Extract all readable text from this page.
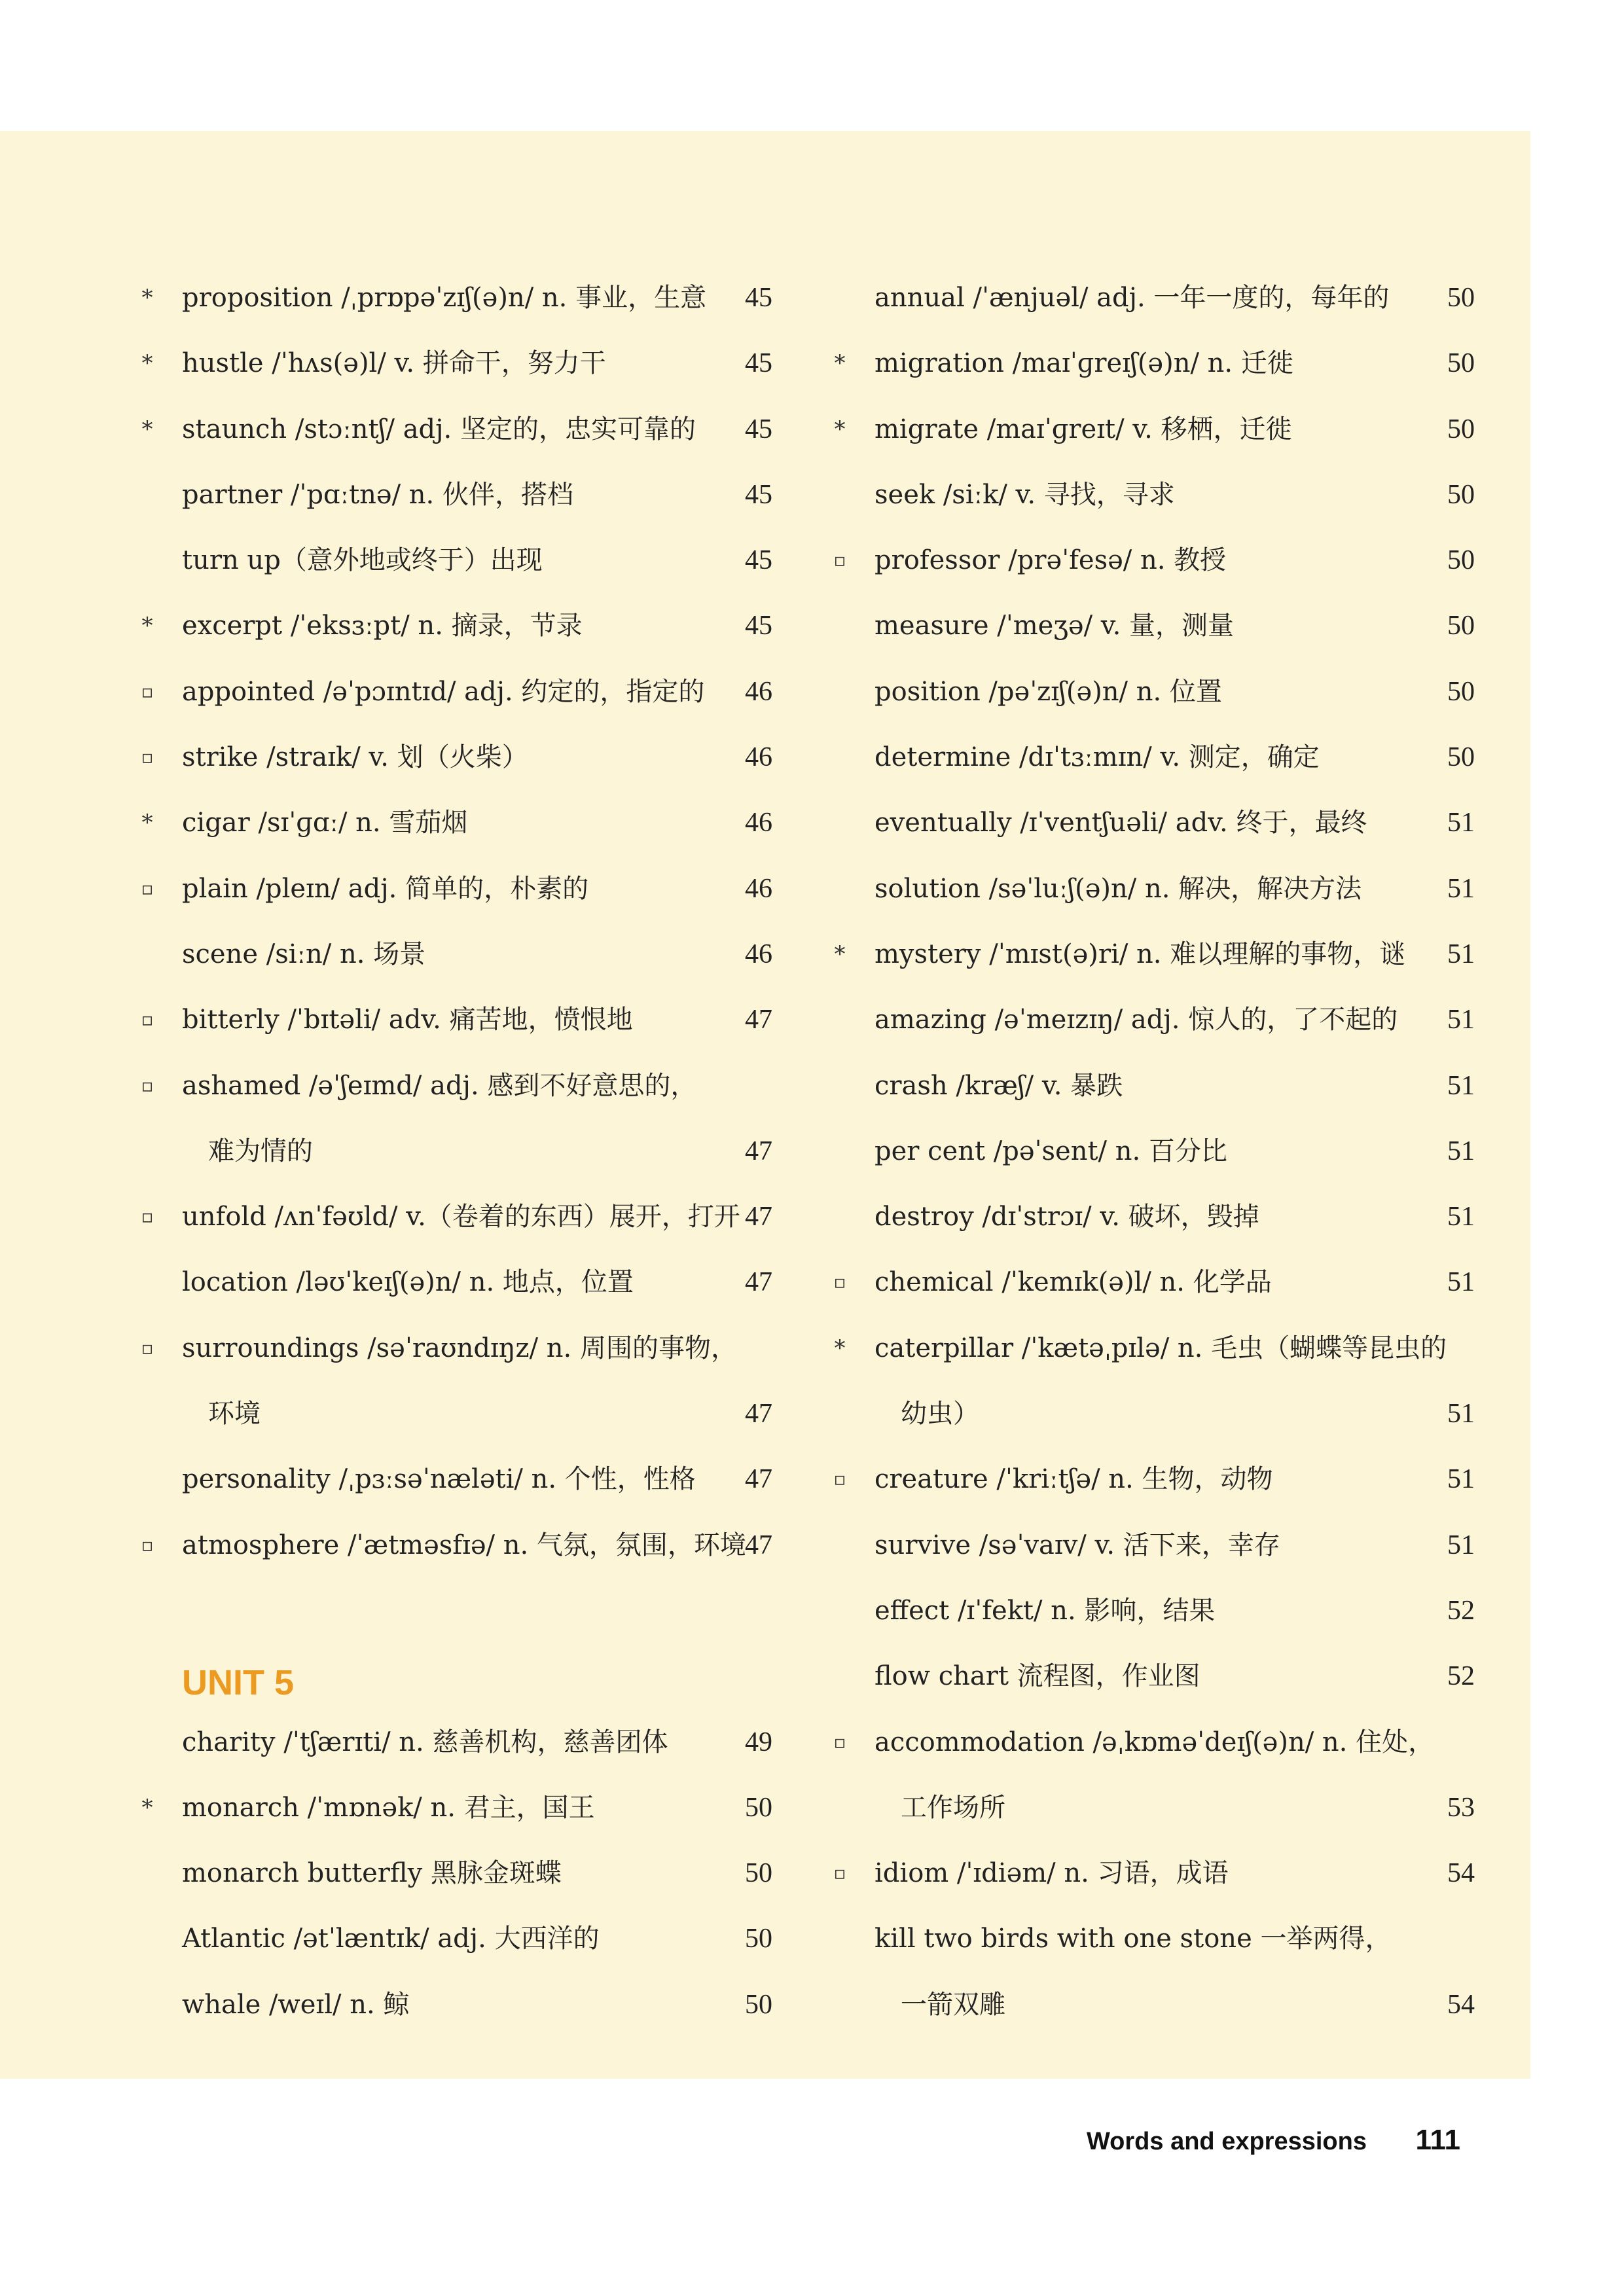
* proposition /ˌprɒpəˈzɪʃ(ə)n/ n. 事业，生意 45
* hustle /ˈhʌs(ə)l/ v. 拼命干，努力干	45
* staunch /stɔːntʃ/ adj. 坚定的，忠实可靠的 45
partner /ˈpɑːtnə/ n. 伙伴，搭档	45
turn up（意外地或终于）出现	45
* excerpt /ˈeksɜːpt/ n. 摘录，节录	45
▫ appointed /əˈpɔɪntɪd/ adj. 约定的，指定的 46
▫ strike /straɪk/ v. 划（火柴）	46
* cigar /sɪˈɡɑː/ n. 雪茄烟	46
▫ plain /pleɪn/ adj. 简单的，朴素的	46
scene /siːn/ n. 场景	46
▫ bitterly /ˈbɪtəli/ adv. 痛苦地，愤恨地	47
▫ ashamed /əˈʃeɪmd/ adj. 感到不好意思的，
难为情的	47
▫ unfold /ʌnˈfəʊld/ v.（卷着的东西）展开，打开 47
location /ləʊˈkeɪʃ(ə)n/ n. 地点，位置	47
▫ surroundings /səˈraʊndɪŋz/ n. 周围的事物，
环境	47
personality /ˌpɜːsəˈnæləti/ n. 个性，性格 47
▫ atmosphere /ˈætməsfɪə/ n. 气氛，氛围，环境
47
UNIT 5
charity /ˈtʃærɪti/ n. 慈善机构，慈善团体	49
* monarch /ˈmɒnək/ n. 君主，国王	50
monarch butterfly 黑脉金斑蝶	50
Atlantic /ətˈlæntɪk/ adj. 大西洋的	50
whale /weɪl/ n. 鲸	50
annual /ˈænjuəl/ adj. 一年一度的，每年的 50
* migration /maɪˈɡreɪʃ(ə)n/ n. 迁徙	50
* migrate /maɪˈɡreɪt/ v. 移栖，迁徙	50
seek /siːk/ v. 寻找，寻求	50
▫ professor /prəˈfesə/ n. 教授	50
measure /ˈmeʒə/ v. 量，测量	50
position /pəˈzɪʃ(ə)n/ n. 位置	50
determine /dɪˈtɜːmɪn/ v. 测定，确定	50
eventually /ɪˈventʃuəli/ adv. 终于，最终	51
solution /səˈluːʃ(ə)n/ n. 解决，解决方法	51
* mystery /ˈmɪst(ə)ri/ n. 难以理解的事物，谜 51
amazing /əˈmeɪzɪŋ/ adj. 惊人的，了不起的 51
crash /kræʃ/ v. 暴跌	51
per cent /pəˈsent/ n. 百分比	51
destroy /dɪˈstrɔɪ/ v. 破坏，毁掉	51
▫ chemical /ˈkemɪk(ə)l/ n. 化学品	51
* caterpillar /ˈkætəˌpɪlə/ n. 毛虫（蝴蝶等昆虫的
幼虫）	51
▫ creature /ˈkriːtʃə/ n. 生物，动物	51
survive /səˈvaɪv/ v. 活下来，幸存	51
effect /ɪˈfekt/ n. 影响，结果	52
flow chart 流程图，作业图	52
▫ accommodation /əˌkɒməˈdeɪʃ(ə)n/ n. 住处，
工作场所	53
▫ idiom /ˈɪdiəm/ n. 习语，成语	54
kill two birds with one stone 一举两得，
一箭双雕	54
Words and expressions 111
